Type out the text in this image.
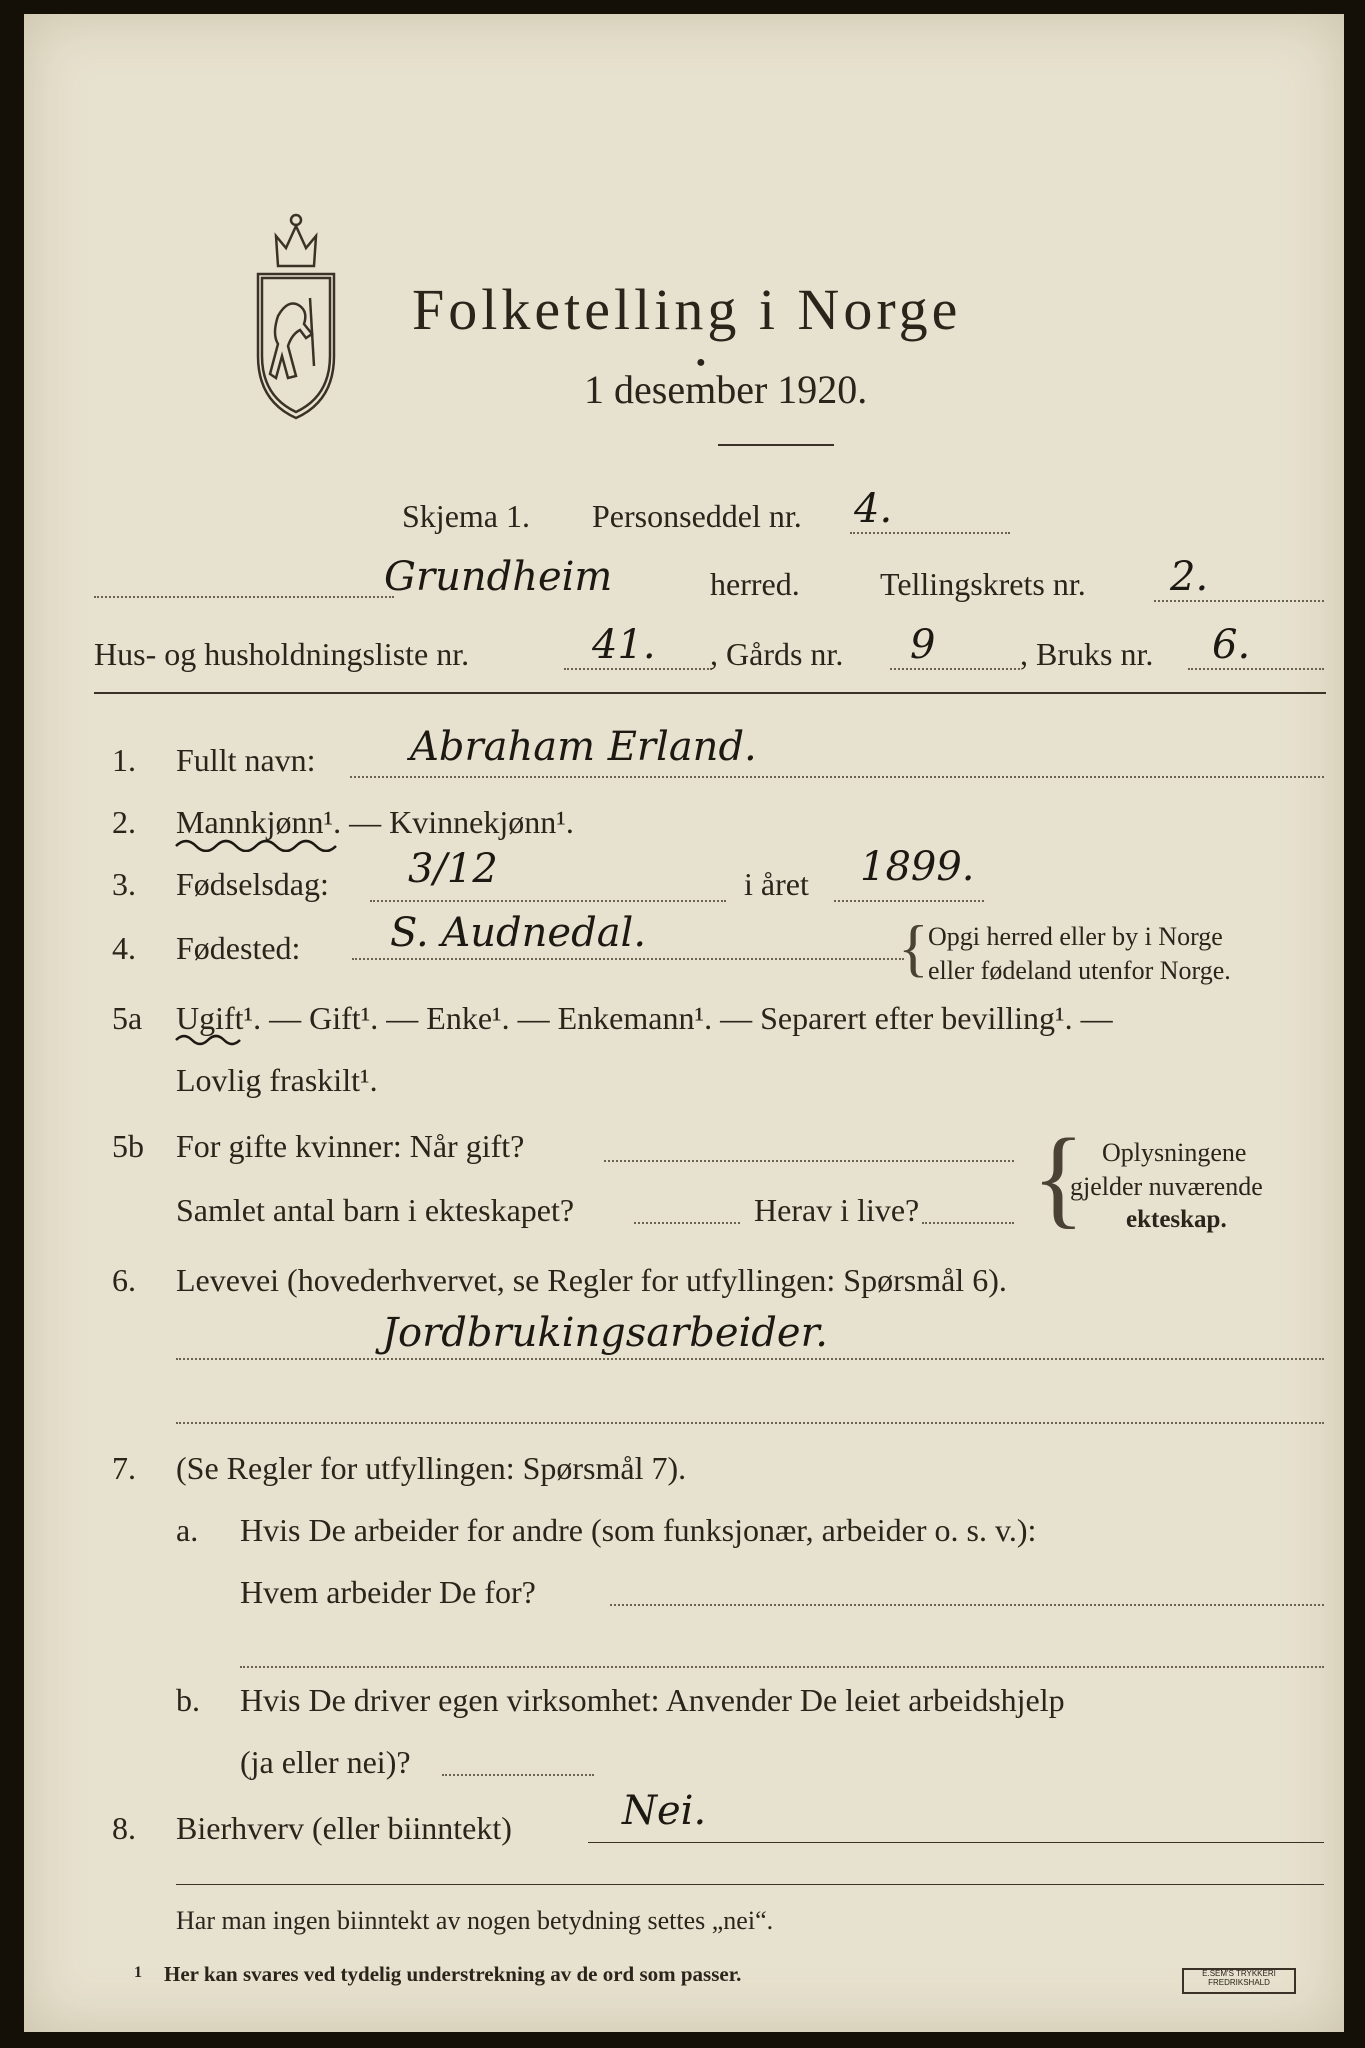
Folketelling i Norge
●
1 desember 1920.
Skjema 1. Personseddel nr. 4.
Grundheim	herred.	Tellingskrets nr. 2.
Hus- og husholdningsliste nr.	41. , Gårds nr. 9	, Bruks nr. 6.
1. Fullt navn: Abraham Erland.
2. Mannkjønn¹. — Kvinnekjønn¹.
3. Fødselsdag: 3/12	i året 1899.
4. Fødested: S. Audnedal.	{ Opgi herred eller by i Norge
eller fødeland utenfor Norge.
5a Ugift¹. — Gift¹. — Enke¹. — Enkemann¹. — Separert efter bevilling¹. —
Lovlig fraskilt¹.
5b For gifte kvinner: Når gift?
Samlet antal barn i ekteskapet?	Herav i live? { Oplysningene
gjelder nuværende
ekteskap.
6. Levevei (hovederhvervet, se Regler for utfyllingen: Spørsmål 6).
Jordbrukingsarbeider.
7. (Se Regler for utfyllingen: Spørsmål 7).
a. Hvis De arbeider for andre (som funksjonær, arbeider o. s. v.):
Hvem arbeider De for?
b. Hvis De driver egen virksomhet: Anvender De leiet arbeidshjelp
(ja eller nei)?
8. Bierhverv (eller biinntekt)	Nei.
Har man ingen biinntekt av nogen betydning settes „nei“.
1 Her kan svares ved tydelig understrekning av de ord som passer.	E.SEM'S TRYKKERI FREDRIKSHALD
